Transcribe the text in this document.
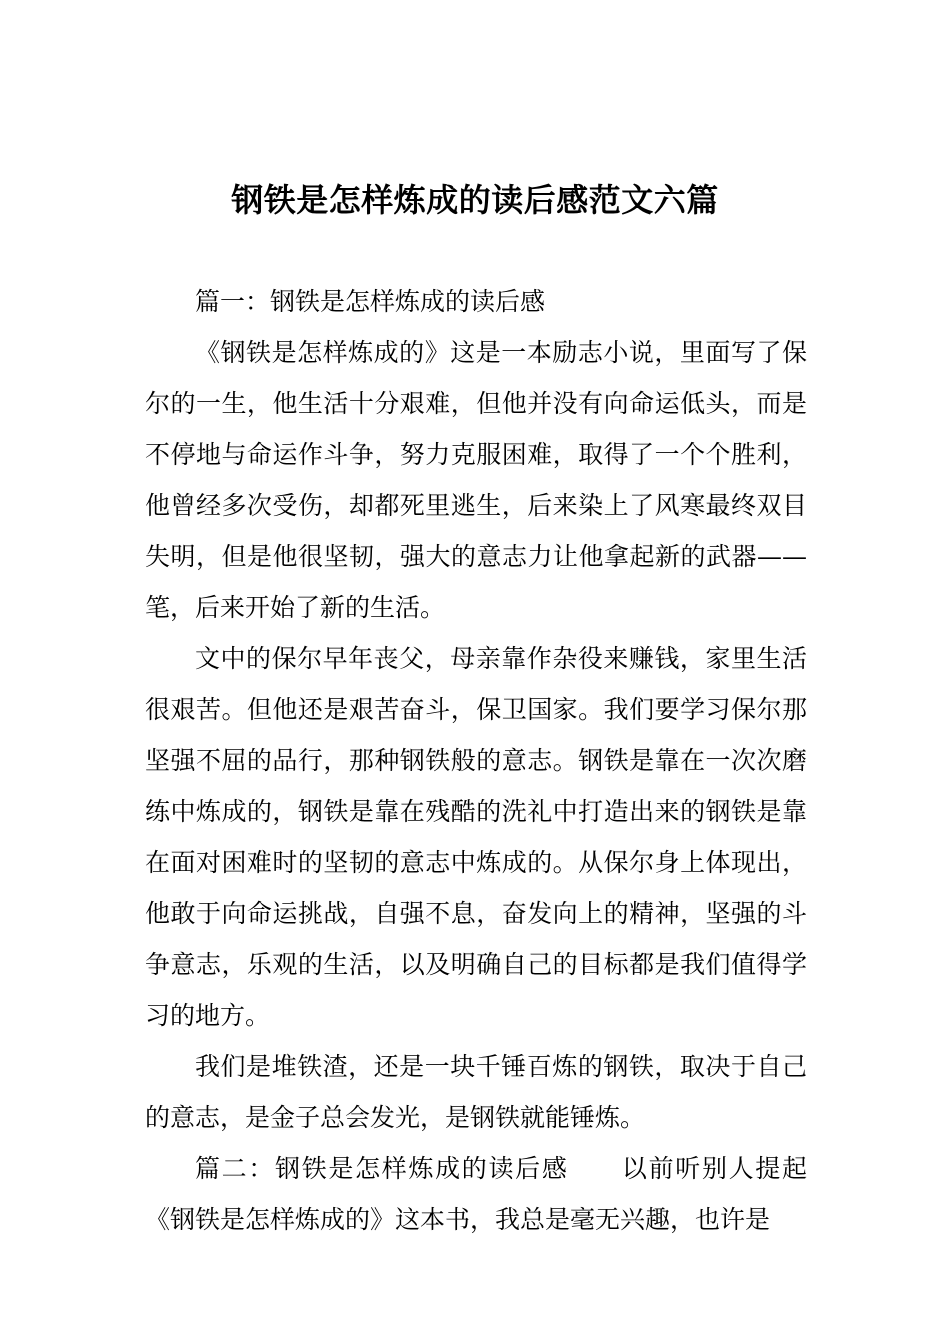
钢铁是怎样炼成的读后感范文六篇

篇一：钢铁是怎样炼成的读后感

《钢铁是怎样炼成的》这是一本励志小说，里面写了保尔的一生，他生活十分艰难，但他并没有向命运低头，而是不停地与命运作斗争，努力克服困难，取得了一个个胜利，他曾经多次受伤，却都死里逃生，后来染上了风寒最终双目失明，但是他很坚韧，强大的意志力让他拿起新的武器——笔，后来开始了新的生活。

文中的保尔早年丧父，母亲靠作杂役来赚钱，家里生活很艰苦。但他还是艰苦奋斗，保卫国家。我们要学习保尔那坚强不屈的品行，那种钢铁般的意志。钢铁是靠在一次次磨练中炼成的，钢铁是靠在残酷的洗礼中打造出来的钢铁是靠在面对困难时的坚韧的意志中炼成的。从保尔身上体现出，他敢于向命运挑战，自强不息，奋发向上的精神，坚强的斗争意志，乐观的生活，以及明确自己的目标都是我们值得学习的地方。

我们是堆铁渣，还是一块千锤百炼的钢铁，取决于自己的意志，是金子总会发光，是钢铁就能锤炼。

篇二：钢铁是怎样炼成的读后感　　 以前听别人提起《钢铁是怎样炼成的》这本书，我总是毫无兴趣，也许是
